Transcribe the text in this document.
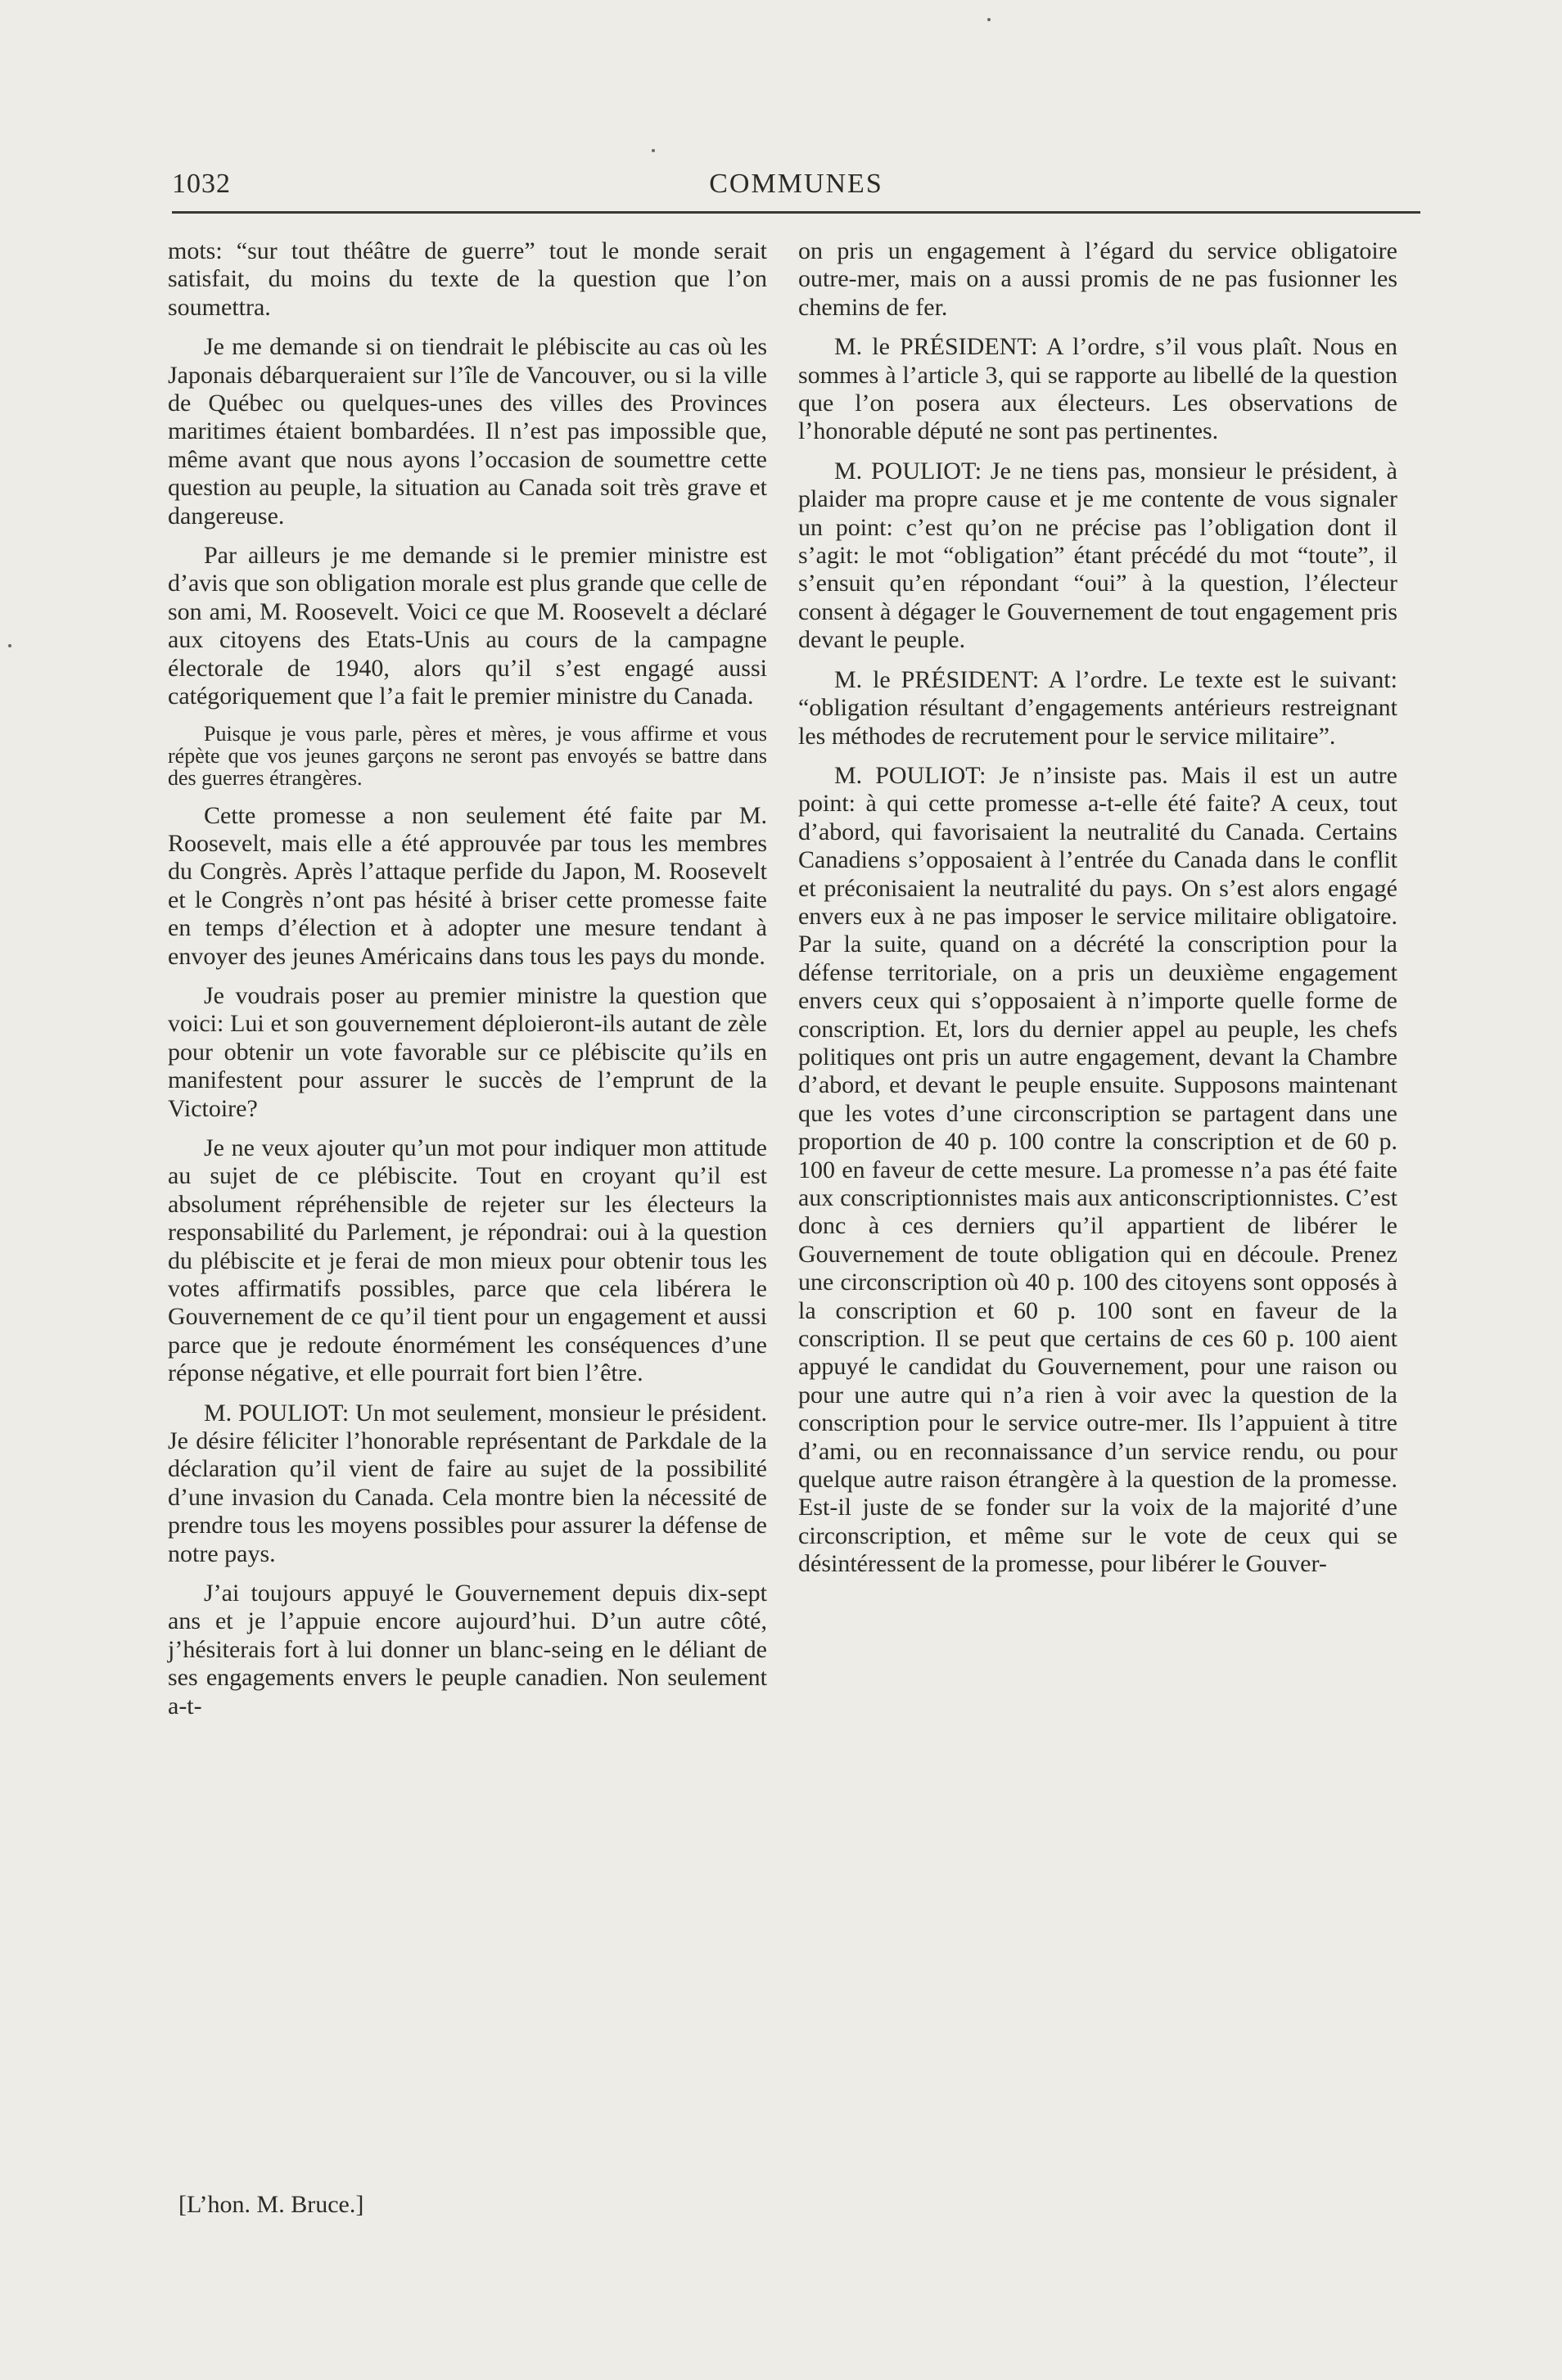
1032	COMMUNES

mots: “sur tout théâtre de guerre” tout le monde serait satisfait, du moins du texte de la question que l’on soumettra.

Je me demande si on tiendrait le plébiscite au cas où les Japonais débarqueraient sur l’île de Vancouver, ou si la ville de Québec ou quelques-unes des villes des Provinces maritimes étaient bombardées. Il n’est pas impossible que, même avant que nous ayons l’occasion de soumettre cette question au peuple, la situation au Canada soit très grave et dangereuse.

Par ailleurs je me demande si le premier ministre est d’avis que son obligation morale est plus grande que celle de son ami, M. Roosevelt. Voici ce que M. Roosevelt a déclaré aux citoyens des Etats-Unis au cours de la campagne électorale de 1940, alors qu’il s’est engagé aussi catégoriquement que l’a fait le premier ministre du Canada.

Puisque je vous parle, pères et mères, je vous affirme et vous répète que vos jeunes garçons ne seront pas envoyés se battre dans des guerres étrangères.

Cette promesse a non seulement été faite par M. Roosevelt, mais elle a été approuvée par tous les membres du Congrès. Après l’attaque perfide du Japon, M. Roosevelt et le Congrès n’ont pas hésité à briser cette promesse faite en temps d’élection et à adopter une mesure tendant à envoyer des jeunes Américains dans tous les pays du monde.

Je voudrais poser au premier ministre la question que voici: Lui et son gouvernement déploieront-ils autant de zèle pour obtenir un vote favorable sur ce plébiscite qu’ils en manifestent pour assurer le succès de l’emprunt de la Victoire?

Je ne veux ajouter qu’un mot pour indiquer mon attitude au sujet de ce plébiscite. Tout en croyant qu’il est absolument répréhensible de rejeter sur les électeurs la responsabilité du Parlement, je répondrai: oui à la question du plébiscite et je ferai de mon mieux pour obtenir tous les votes affirmatifs possibles, parce que cela libérera le Gouvernement de ce qu’il tient pour un engagement et aussi parce que je redoute énormément les conséquences d’une réponse négative, et elle pourrait fort bien l’être.

M. POULIOT: Un mot seulement, monsieur le président. Je désire féliciter l’honorable représentant de Parkdale de la déclaration qu’il vient de faire au sujet de la possibilité d’une invasion du Canada. Cela montre bien la nécessité de prendre tous les moyens possibles pour assurer la défense de notre pays.

J’ai toujours appuyé le Gouvernement depuis dix-sept ans et je l’appuie encore aujourd’hui. D’un autre côté, j’hésiterais fort à lui donner un blanc-seing en le déliant de ses engagements envers le peuple canadien. Non seulement a-t-

on pris un engagement à l’égard du service obligatoire outre-mer, mais on a aussi promis de ne pas fusionner les chemins de fer.

M. le PRÉSIDENT: A l’ordre, s’il vous plaît. Nous en sommes à l’article 3, qui se rapporte au libellé de la question que l’on posera aux électeurs. Les observations de l’honorable député ne sont pas pertinentes.

M. POULIOT: Je ne tiens pas, monsieur le président, à plaider ma propre cause et je me contente de vous signaler un point: c’est qu’on ne précise pas l’obligation dont il s’agit: le mot “obligation” étant précédé du mot “toute”, il s’ensuit qu’en répondant “oui” à la question, l’électeur consent à dégager le Gouvernement de tout engagement pris devant le peuple.

M. le PRÉSIDENT: A l’ordre. Le texte est le suivant: “obligation résultant d’engagements antérieurs restreignant les méthodes de recrutement pour le service militaire”.

M. POULIOT: Je n’insiste pas. Mais il est un autre point: à qui cette promesse a-t-elle été faite? A ceux, tout d’abord, qui favorisaient la neutralité du Canada. Certains Canadiens s’opposaient à l’entrée du Canada dans le conflit et préconisaient la neutralité du pays. On s’est alors engagé envers eux à ne pas imposer le service militaire obligatoire. Par la suite, quand on a décrété la conscription pour la défense territoriale, on a pris un deuxième engagement envers ceux qui s’opposaient à n’importe quelle forme de conscription. Et, lors du dernier appel au peuple, les chefs politiques ont pris un autre engagement, devant la Chambre d’abord, et devant le peuple ensuite. Supposons maintenant que les votes d’une circonscription se partagent dans une proportion de 40 p. 100 contre la conscription et de 60 p. 100 en faveur de cette mesure. La promesse n’a pas été faite aux conscriptionnistes mais aux anticonscriptionnistes. C’est donc à ces derniers qu’il appartient de libérer le Gouvernement de toute obligation qui en découle. Prenez une circonscription où 40 p. 100 des citoyens sont opposés à la conscription et 60 p. 100 sont en faveur de la conscription. Il se peut que certains de ces 60 p. 100 aient appuyé le candidat du Gouvernement, pour une raison ou pour une autre qui n’a rien à voir avec la question de la conscription pour le service outre-mer. Ils l’appuient à titre d’ami, ou en reconnaissance d’un service rendu, ou pour quelque autre raison étrangère à la question de la promesse. Est-il juste de se fonder sur la voix de la majorité d’une circonscription, et même sur le vote de ceux qui se désintéressent de la promesse, pour libérer le Gouver-

[L’hon. M. Bruce.]
